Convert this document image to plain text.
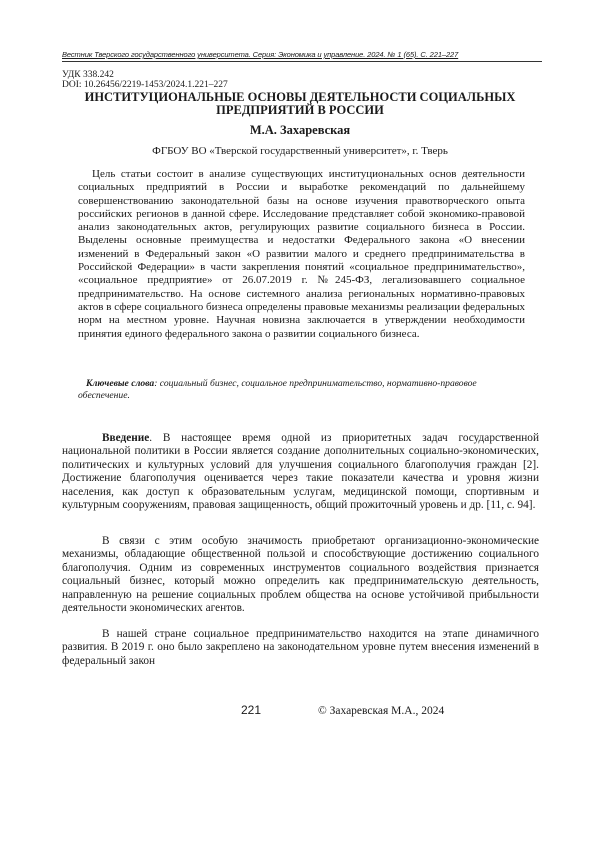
Вестник Тверского государственного университета. Серия: Экономика и управление. 2024. № 1 (65). С. 221–227
УДК 338.242
DOI: 10.26456/2219-1453/2024.1.221–227
ИНСТИТУЦИОНАЛЬНЫЕ ОСНОВЫ ДЕЯТЕЛЬНОСТИ СОЦИАЛЬНЫХ ПРЕДПРИЯТИЙ В РОССИИ
М.А. Захаревская
ФГБОУ ВО «Тверской государственный университет», г. Тверь

Цель статьи состоит в анализе существующих институциональных основ деятельности социальных предприятий в России и выработке рекомендаций по дальнейшему совершенствованию законодательной базы на основе изучения правотворческого опыта российских регионов в данной сфере. Исследование представляет собой экономико-правовой анализ законодательных актов, регулирующих развитие социального бизнеса в России. Выделены основные преимущества и недостатки Федерального закона «О внесении изменений в Федеральный закон «О развитии малого и среднего предпринимательства в Российской Федерации» в части закрепления понятий «социальное предпринимательство», «социальное предприятие» от 26.07.2019 г. №245-ФЗ, легализовавшего социальное предпринимательство. На основе системного анализа региональных нормативно-правовых актов в сфере социального бизнеса определены правовые механизмы реализации федеральных норм на местном уровне. Научная новизна заключается в утверждении необходимости принятия единого федерального закона о развитии социального бизнеса.

Ключевые слова: социальный бизнес, социальное предпринимательство, нормативно-правовое обеспечение.

Введение. В настоящее время одной из приоритетных задач государственной национальной политики в России является создание дополнительных социально-экономических, политических и культурных условий для улучшения социального благополучия граждан [2]. Достижение благополучия оценивается через такие показатели качества и уровня жизни населения, как доступ к образовательным услугам, медицинской помощи, спортивным и культурным сооружениям, правовая защищенность, общий прожиточный уровень и др. [11, с. 94].

В связи с этим особую значимость приобретают организационно-экономические механизмы, обладающие общественной пользой и способствующие достижению социального благополучия. Одним из современных инструментов социального воздействия признается социальный бизнес, который можно определить как предпринимательскую деятельность, направленную на решение социальных проблем общества на основе устойчивой прибыльности деятельности экономических агентов.

В нашей стране социальное предпринимательство находится на этапе динамичного развития. В 2019 г. оно было закреплено на законодательном уровне путем внесения изменений в федеральный закон

221	© Захаревская М.А., 2024
